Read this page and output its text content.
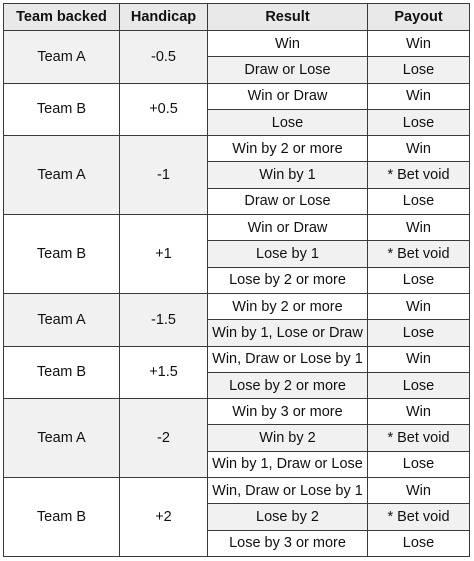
Team backed	Handicap	Result	Payout
Team A	-0.5	Win	Win
		Draw or Lose	Lose
Team B	+0.5	Win or Draw	Win
		Lose	Lose
Team A	-1	Win by 2 or more	Win
		Win by 1	* Bet void
		Draw or Lose	Lose
Team B	+1	Win or Draw	Win
		Lose by 1	* Bet void
		Lose by 2 or more	Lose
Team A	-1.5	Win by 2 or more	Win
		Win by 1, Lose or Draw	Lose
Team B	+1.5	Win, Draw or Lose by 1	Win
		Lose by 2 or more	Lose
Team A	-2	Win by 3 or more	Win
		Win by 2	* Bet void
		Win by 1, Draw or Lose	Lose
Team B	+2	Win, Draw or Lose by 1	Win
		Lose by 2	* Bet void
		Lose by 3 or more	Lose
